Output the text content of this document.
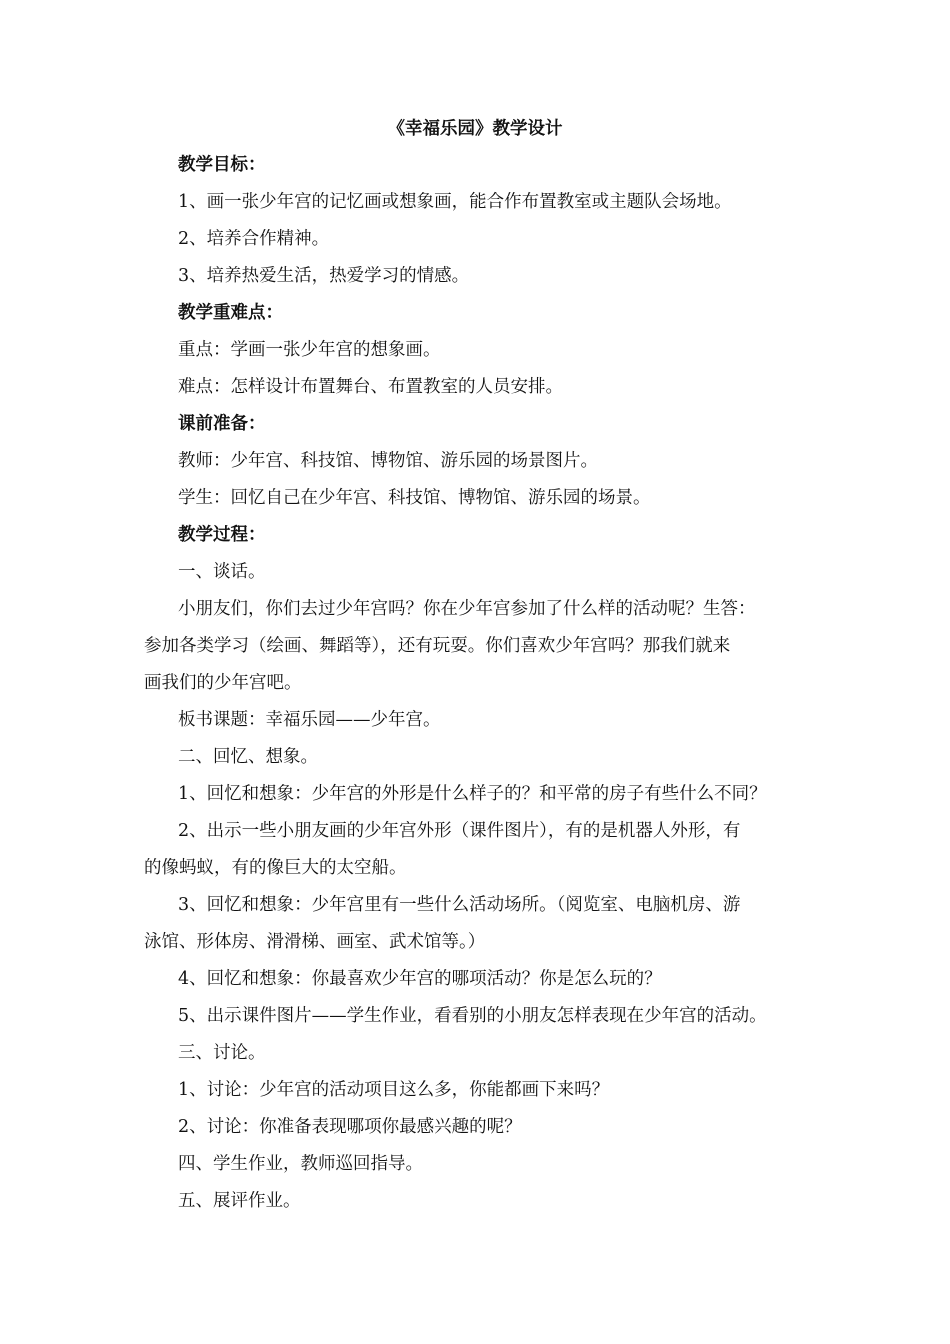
《幸福乐园》教学设计

教学目标：

1、画一张少年宫的记忆画或想象画，能合作布置教室或主题队会场地。

2、培养合作精神。

3、培养热爱生活，热爱学习的情感。

教学重难点：

重点：学画一张少年宫的想象画。

难点：怎样设计布置舞台、布置教室的人员安排。

课前准备：

教师：少年宫、科技馆、博物馆、游乐园的场景图片。

学生：回忆自己在少年宫、科技馆、博物馆、游乐园的场景。

教学过程：

一、谈话。

小朋友们，你们去过少年宫吗？你在少年宫参加了什么样的活动呢？生答：

参加各类学习（绘画、舞蹈等），还有玩耍。你们喜欢少年宫吗？那我们就来

画我们的少年宫吧。

板书课题：幸福乐园——少年宫。

二、回忆、想象。

1、回忆和想象：少年宫的外形是什么样子的？和平常的房子有些什么不同？

2、出示一些小朋友画的少年宫外形（课件图片），有的是机器人外形，有

的像蚂蚁，有的像巨大的太空船。

3、回忆和想象：少年宫里有一些什么活动场所。（阅览室、电脑机房、游

泳馆、形体房、滑滑梯、画室、武术馆等。）

4、回忆和想象：你最喜欢少年宫的哪项活动？你是怎么玩的？

5、出示课件图片——学生作业，看看别的小朋友怎样表现在少年宫的活动。

三、讨论。

1、讨论：少年宫的活动项目这么多，你能都画下来吗？

2、讨论：你准备表现哪项你最感兴趣的呢？

四、学生作业，教师巡回指导。

五、展评作业。
